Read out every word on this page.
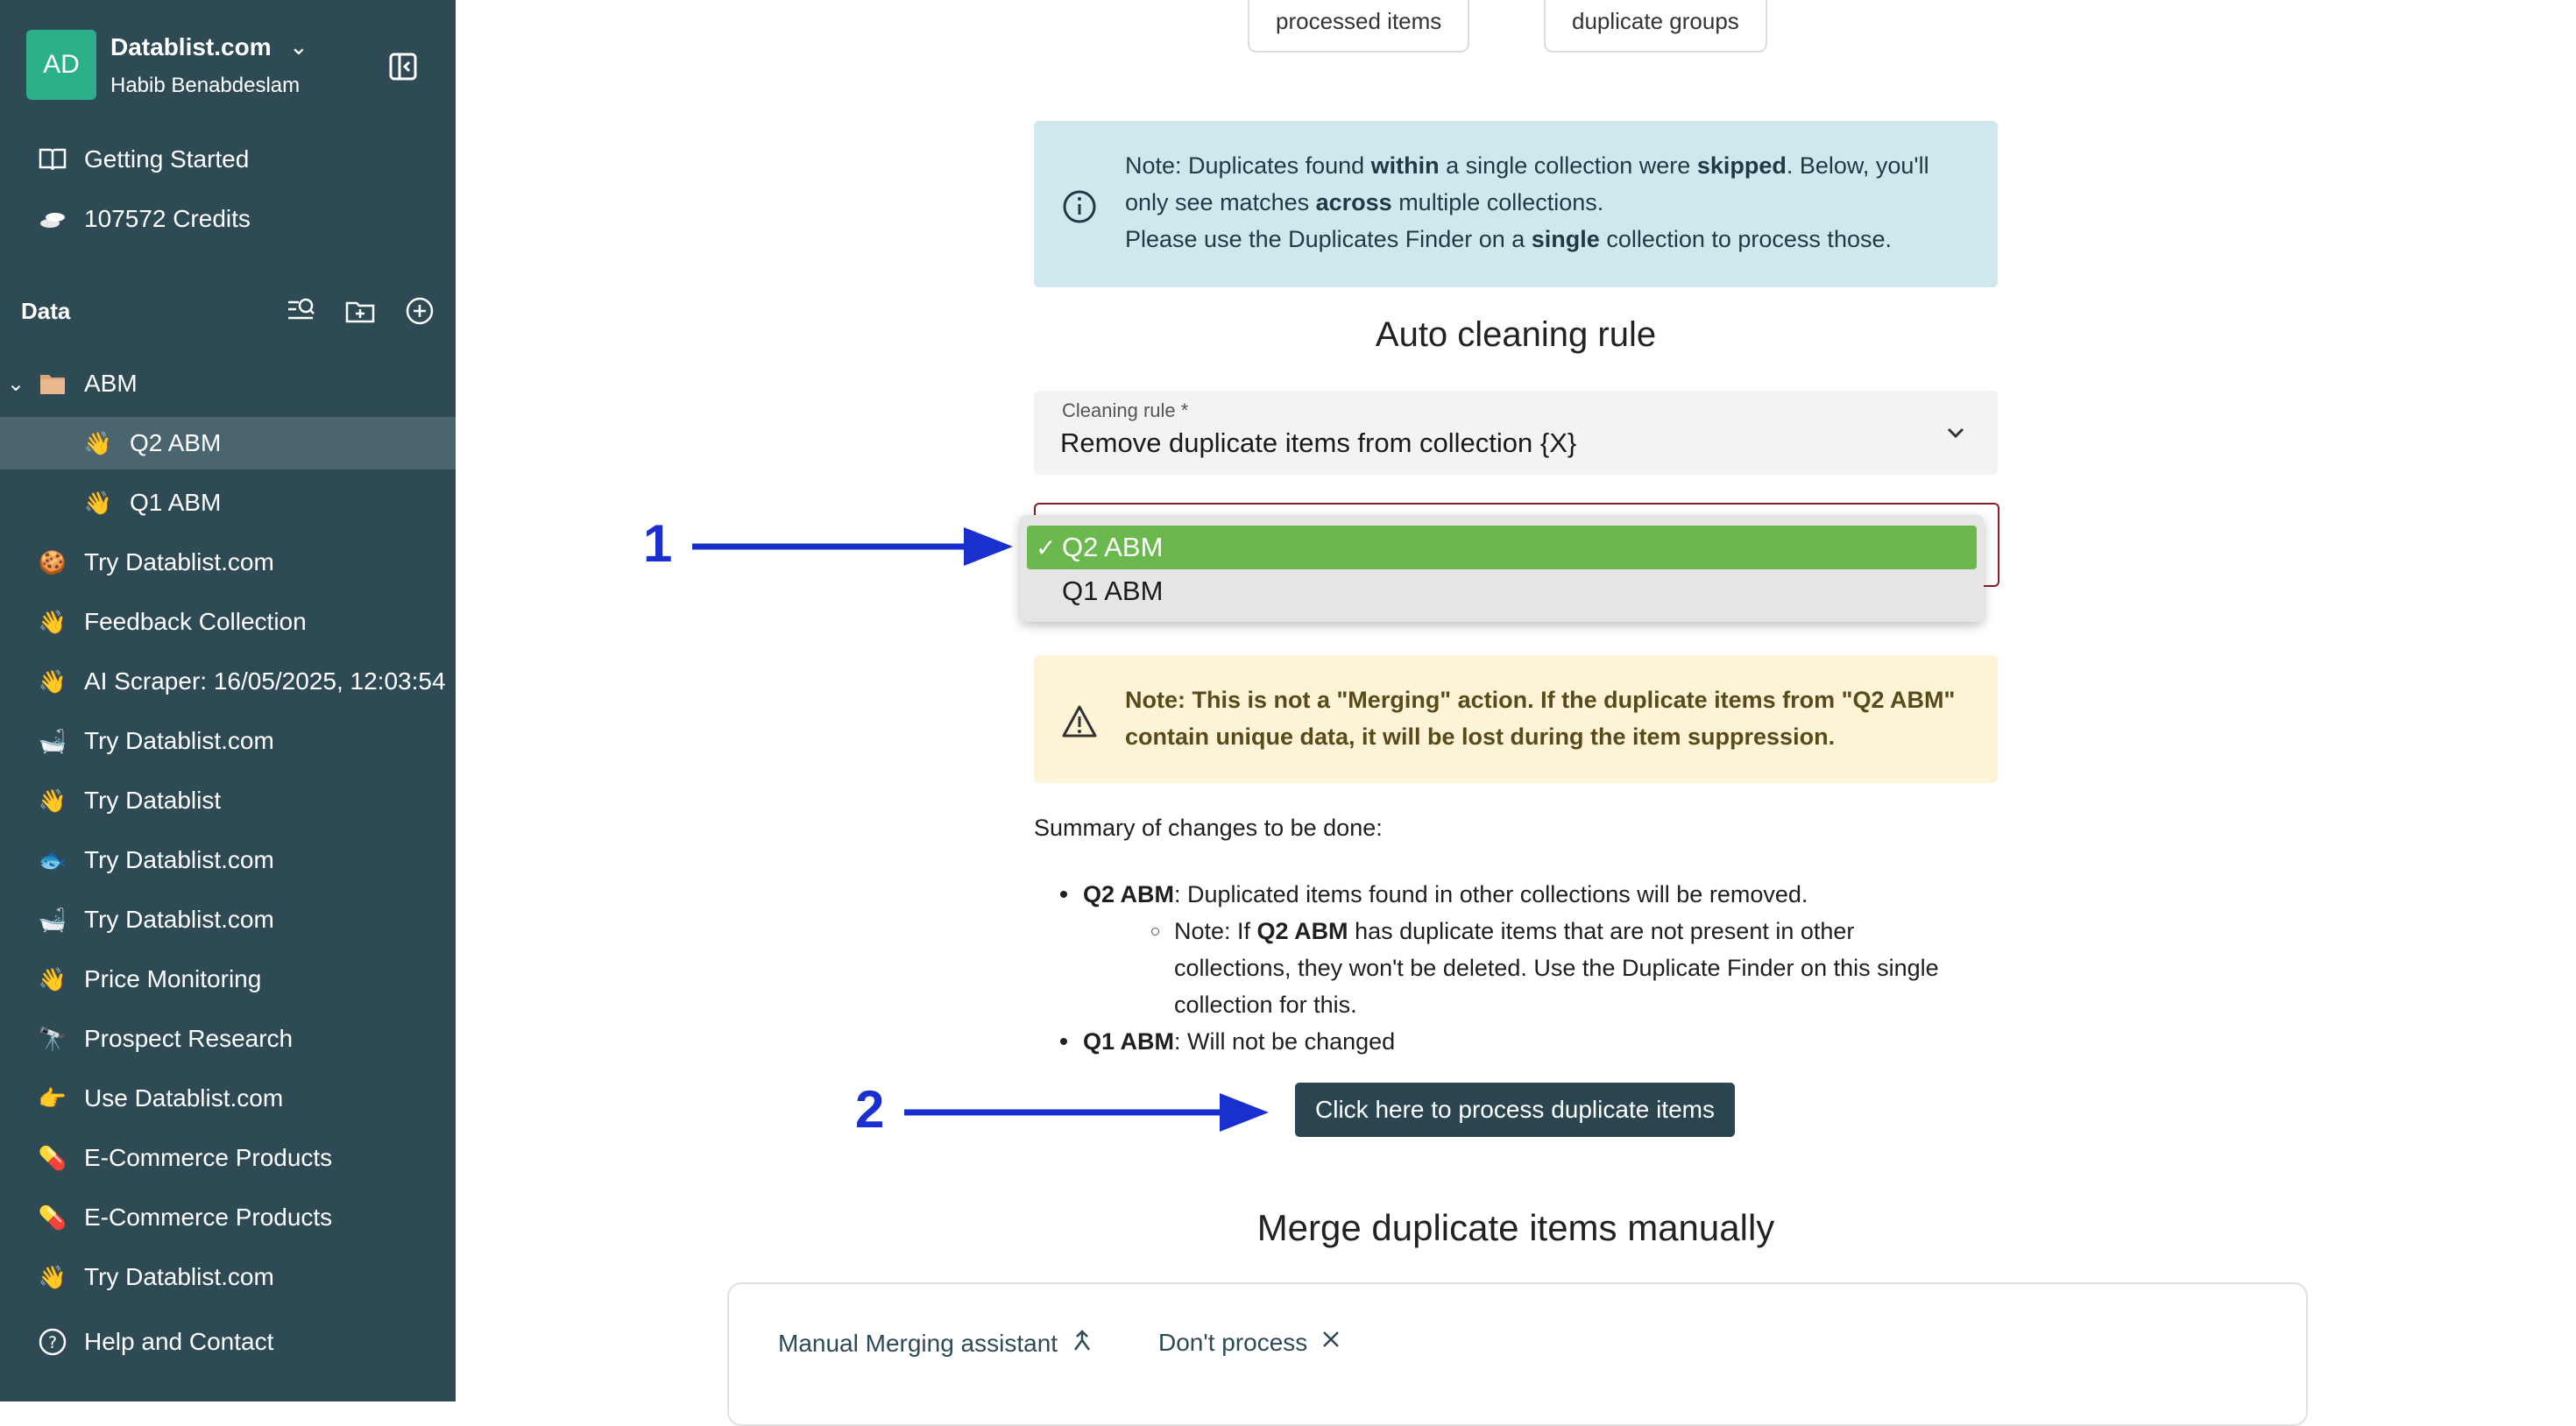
AD
Datablist.com ⌄
Habib Benabdeslam
Getting Started
107572 Credits
Data
⌄ ABM
👋 Q2 ABM
👋 Q1 ABM
🍪 Try Datablist.com
👋 Feedback Collection
👋 AI Scraper: 16/05/2025, 12:03:54
🛁 Try Datablist.com
👋 Try Datablist
🐟 Try Datablist.com
🛁 Try Datablist.com
👋 Price Monitoring
🔭 Prospect Research
👉 Use Datablist.com
💊 E-Commerce Products
💊 E-Commerce Products
👋 Try Datablist.com
? Help and Contact
processed items	duplicate groups
Note: Duplicates found within a single collection were skipped. Below, you'll only see matches across multiple collections.
Please use the Duplicates Finder on a single collection to process those.
Auto cleaning rule
Cleaning rule *
Remove duplicate items from collection {X}
✓ Q2 ABM
Q1 ABM
Note: This is not a "Merging" action. If the duplicate items from "Q2 ABM" contain unique data, it will be lost during the item suppression.
Summary of changes to be done:
Q2 ABM: Duplicated items found in other collections will be removed.
Note: If Q2 ABM has duplicate items that are not present in other collections, they won't be deleted. Use the Duplicate Finder on this single collection for this.
Q1 ABM: Will not be changed
Click here to process duplicate items
Merge duplicate items manually
Manual Merging assistant	Don't process
1
2
